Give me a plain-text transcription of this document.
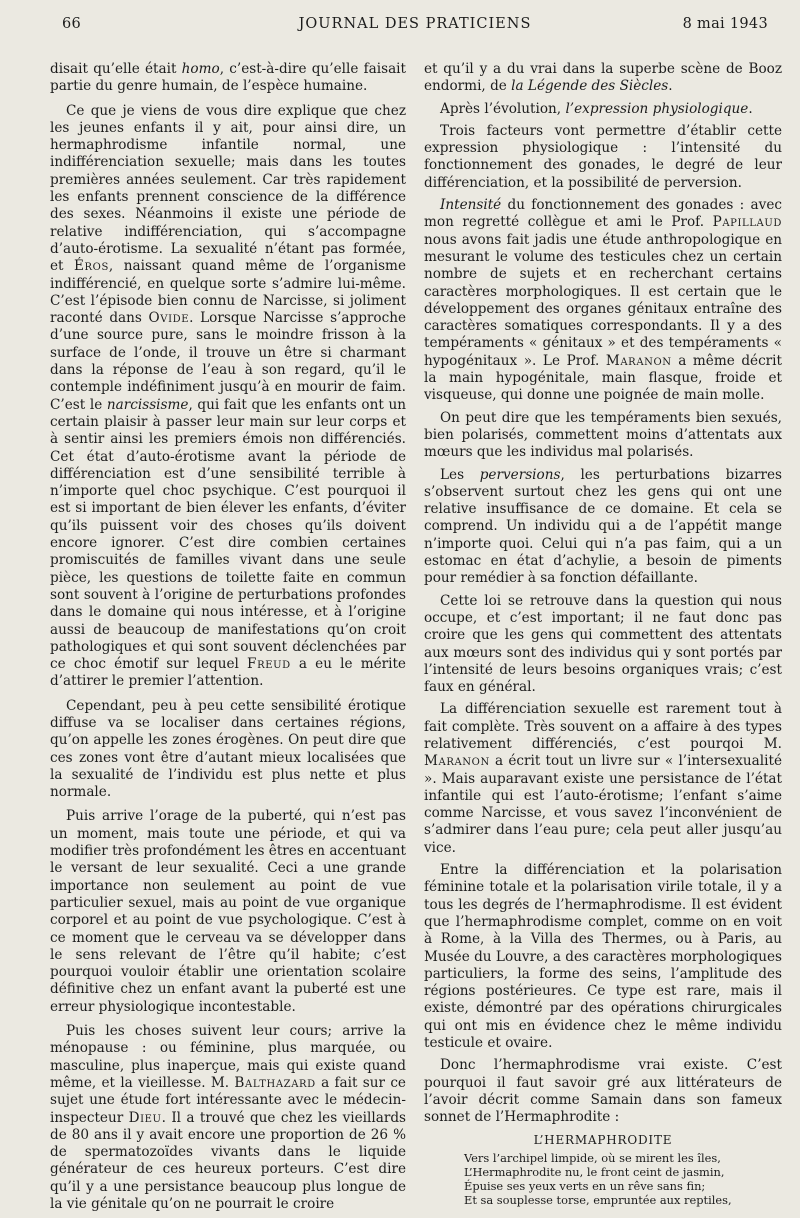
66	JOURNAL DES PRATICIENS	8 mai 1943

disait qu’elle était homo, c’est-à-dire qu’elle faisait partie du genre humain, de l’espèce humaine.

Ce que je viens de vous dire explique que chez les jeunes enfants il y ait, pour ainsi dire, un hermaphrodisme infantile normal, une indifférenciation sexuelle; mais dans les toutes premières années seulement. Car très rapidement les enfants prennent conscience de la différence des sexes. Néanmoins il existe une période de relative indifférenciation, qui s’accompagne d’auto-érotisme. La sexualité n’étant pas formée, et Éros, naissant quand même de l’organisme indifférencié, en quelque sorte s’admire lui-même. C’est l’épisode bien connu de Narcisse, si joliment raconté dans Ovide. Lorsque Narcisse s’approche d’une source pure, sans le moindre frisson à la surface de l’onde, il trouve un être si charmant dans la réponse de l’eau à son regard, qu’il le contemple indéfiniment jusqu’à en mourir de faim. C’est le narcissisme, qui fait que les enfants ont un certain plaisir à passer leur main sur leur corps et à sentir ainsi les premiers émois non différenciés. Cet état d’auto-érotisme avant la période de différenciation est d’une sensibilité terrible à n’importe quel choc psychique. C’est pourquoi il est si important de bien élever les enfants, d’éviter qu’ils puissent voir des choses qu’ils doivent encore ignorer. C’est dire combien certaines promiscuités de familles vivant dans une seule pièce, les questions de toilette faite en commun sont souvent à l’origine de perturbations profondes dans le domaine qui nous intéresse, et à l’origine aussi de beaucoup de manifestations qu’on croit pathologiques et qui sont souvent déclenchées par ce choc émotif sur lequel Freud a eu le mérite d’attirer le premier l’attention.

Cependant, peu à peu cette sensibilité érotique diffuse va se localiser dans certaines régions, qu’on appelle les zones érogènes. On peut dire que ces zones vont être d’autant mieux localisées que la sexualité de l’individu est plus nette et plus normale.

Puis arrive l’orage de la puberté, qui n’est pas un moment, mais toute une période, et qui va modifier très profondément les êtres en accentuant le versant de leur sexualité. Ceci a une grande importance non seulement au point de vue particulier sexuel, mais au point de vue organique corporel et au point de vue psychologique. C’est à ce moment que le cerveau va se développer dans le sens relevant de l’être qu’il habite; c’est pourquoi vouloir établir une orientation scolaire définitive chez un enfant avant la puberté est une erreur physiologique incontestable.

Puis les choses suivent leur cours; arrive la ménopause : ou féminine, plus marquée, ou masculine, plus inaperçue, mais qui existe quand même, et la vieillesse. M. Balthazard a fait sur ce sujet une étude fort intéressante avec le médecin-inspecteur Dieu. Il a trouvé que chez les vieillards de 80 ans il y avait encore une proportion de 26 % de spermatozoïdes vivants dans le liquide générateur de ces heureux porteurs. C’est dire qu’il y a une persistance beaucoup plus longue de la vie génitale qu’on ne pourrait le croire

et qu’il y a du vrai dans la superbe scène de Booz endormi, de la Légende des Siècles.

Après l’évolution, l’expression physiologique.

Trois facteurs vont permettre d’établir cette expression physiologique : l’intensité du fonctionnement des gonades, le degré de leur différenciation, et la possibilité de perversion.

Intensité du fonctionnement des gonades : avec mon regretté collègue et ami le Prof. Papillaud nous avons fait jadis une étude anthropologique en mesurant le volume des testicules chez un certain nombre de sujets et en recherchant certains caractères morphologiques. Il est certain que le développement des organes génitaux entraîne des caractères somatiques correspondants. Il y a des tempéraments « génitaux » et des tempéraments « hypogénitaux ». Le Prof. Maranon a même décrit la main hypogénitale, main flasque, froide et visqueuse, qui donne une poignée de main molle.

On peut dire que les tempéraments bien sexués, bien polarisés, commettent moins d’attentats aux mœurs que les individus mal polarisés.

Les perversions, les perturbations bizarres s’observent surtout chez les gens qui ont une relative insuffisance de ce domaine. Et cela se comprend. Un individu qui a de l’appétit mange n’importe quoi. Celui qui n’a pas faim, qui a un estomac en état d’achylie, a besoin de piments pour remédier à sa fonction défaillante.

Cette loi se retrouve dans la question qui nous occupe, et c’est important; il ne faut donc pas croire que les gens qui commettent des attentats aux mœurs sont des individus qui y sont portés par l’intensité de leurs besoins organiques vrais; c’est faux en général.

La différenciation sexuelle est rarement tout à fait complète. Très souvent on a affaire à des types relativement différenciés, c’est pourqoi M. Maranon a écrit tout un livre sur « l’intersexualité ». Mais auparavant existe une persistance de l’état infantile qui est l’auto-érotisme; l’enfant s’aime comme Narcisse, et vous savez l’inconvénient de s’admirer dans l’eau pure; cela peut aller jusqu’au vice.

Entre la différenciation et la polarisation féminine totale et la polarisation virile totale, il y a tous les degrés de l’hermaphrodisme. Il est évident que l’hermaphrodisme complet, comme on en voit à Rome, à la Villa des Thermes, ou à Paris, au Musée du Louvre, a des caractères morphologiques particuliers, la forme des seins, l’amplitude des régions postérieures. Ce type est rare, mais il existe, démontré par des opérations chirurgicales qui ont mis en évidence chez le même individu testicule et ovaire.

Donc l’hermaphrodisme vrai existe. C’est pourquoi il faut savoir gré aux littérateurs de l’avoir décrit comme Samain dans son fameux sonnet de l’Hermaphrodite :

L’HERMAPHRODITE
Vers l’archipel limpide, où se mirent les îles,
L’Hermaphrodite nu, le front ceint de jasmin,
Épuise ses yeux verts en un rêve sans fin;
Et sa souplesse torse, empruntée aux reptiles,
